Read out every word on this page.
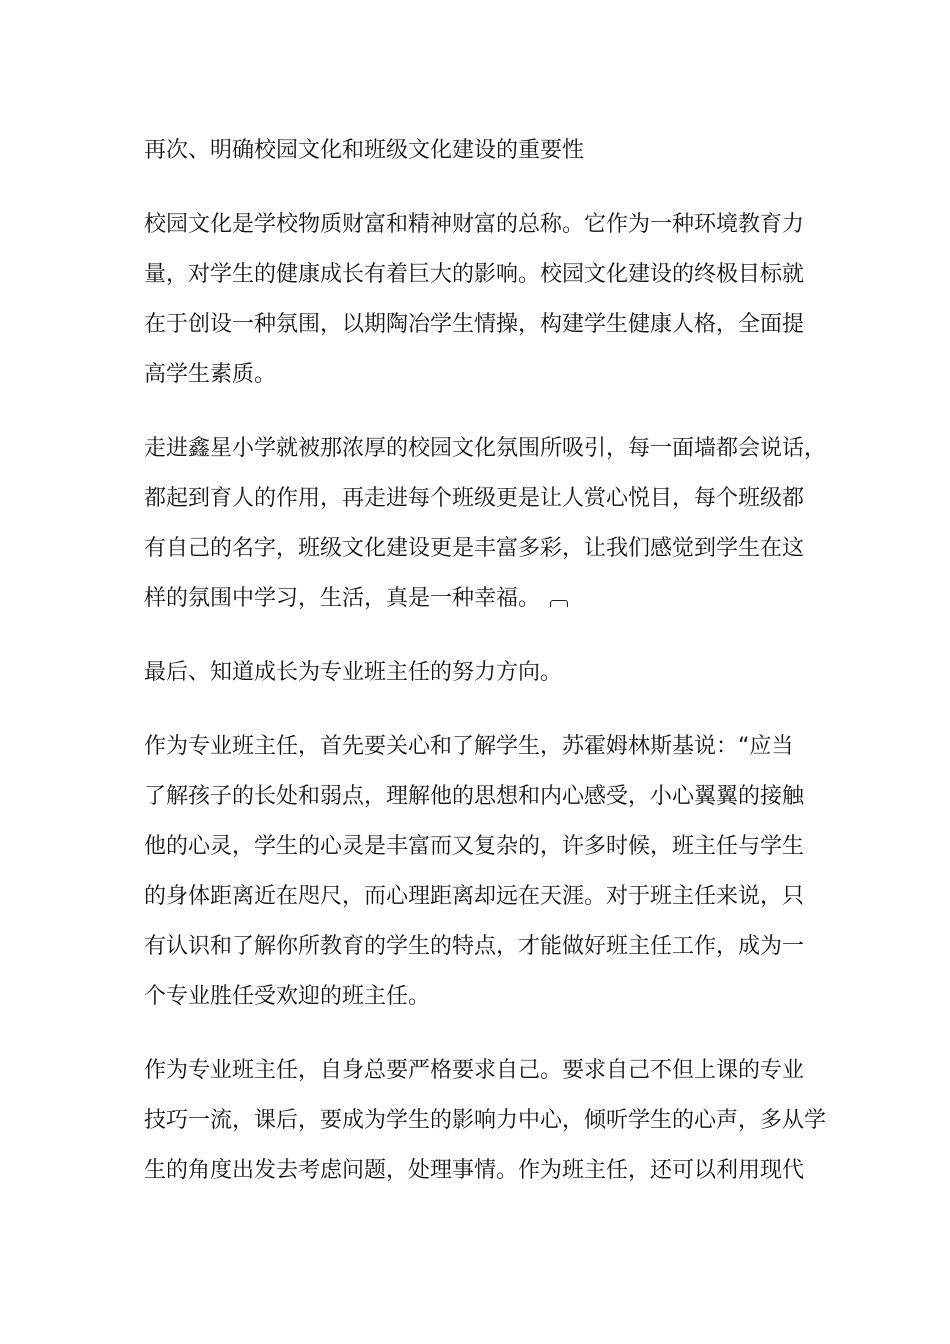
再次、明确校园文化和班级文化建设的重要性

校园文化是学校物质财富和精神财富的总称。它作为一种环境教育力
量，对学生的健康成长有着巨大的影响。校园文化建设的终极目标就
在于创设一种氛围，以期陶冶学生情操，构建学生健康人格，全面提
高学生素质。

走进鑫星小学就被那浓厚的校园文化氛围所吸引，每一面墙都会说话，
都起到育人的作用，再走进每个班级更是让人赏心悦目，每个班级都
有自己的名字，班级文化建设更是丰富多彩，让我们感觉到学生在这
样的氛围中学习，生活，真是一种幸福。

最后、知道成长为专业班主任的努力方向。

作为专业班主任，首先要关心和了解学生，苏霍姆林斯基说：“应当
了解孩子的长处和弱点，理解他的思想和内心感受，小心翼翼的接触
他的心灵，学生的心灵是丰富而又复杂的，许多时候，班主任与学生
的身体距离近在咫尺，而心理距离却远在天涯。对于班主任来说，只
有认识和了解你所教育的学生的特点，才能做好班主任工作，成为一
个专业胜任受欢迎的班主任。

作为专业班主任，自身总要严格要求自己。要求自己不但上课的专业
技巧一流，课后，要成为学生的影响力中心，倾听学生的心声，多从学
生的角度出发去考虑问题，处理事情。作为班主任，还可以利用现代
